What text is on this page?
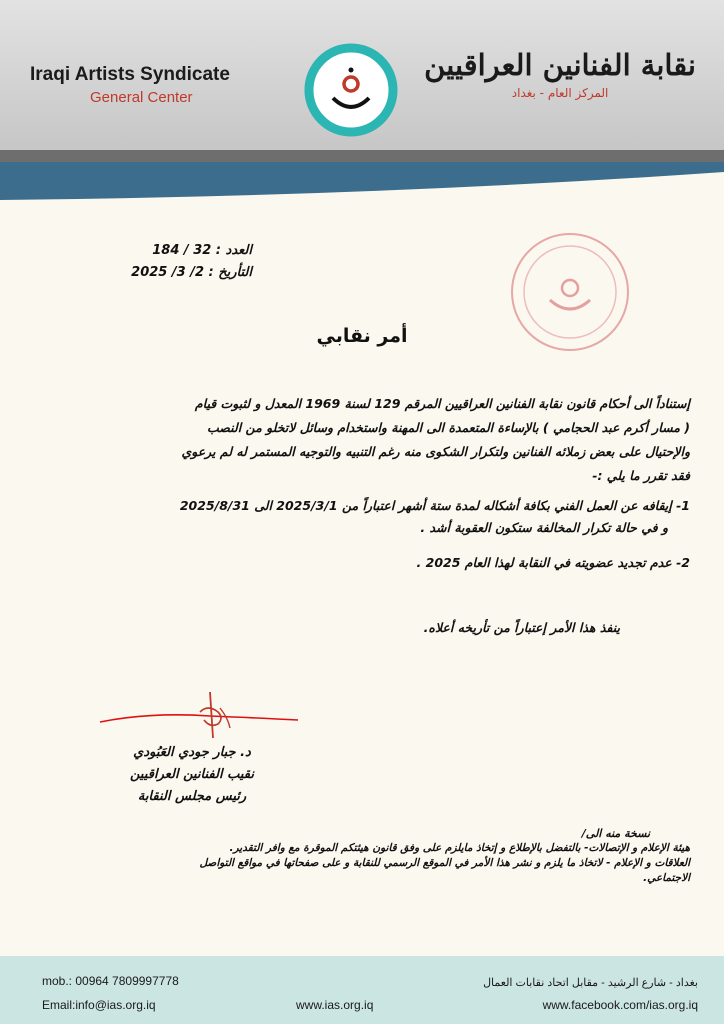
Iraqi Artists Syndicate
General Center
نقابة الفنانين العراقيين
المركز العام - بغداد
العدد : 32 / 184
التأريخ : 2/ 3/ 2025
أمر نقابي
إستناداً الى أحكام قانون نقابة الفنانين العراقيين المرقم 129 لسنة 1969 المعدل و لثبوت قيام
( مسار أكرم عبد الحجامي ) بالإساءة المتعمدة الى المهنة واستخدام وسائل لاتخلو من النصب
والإحتيال على بعض زملائه الفنانين ولتكرار الشكوى منه رغم التنبيه والتوجيه المستمر له لم يرعوي
فقد تقرر ما يلي :-
1- إيقافه عن العمل الفني بكافة أشكاله لمدة ستة أشهر اعتباراً من 2025/3/1 الى 2025/8/31
و في حالة تكرار المخالفة ستكون العقوبة أشد .
2- عدم تجديد عضويته في النقابة لهذا العام 2025 .
ينفذ هذا الأمر إعتباراً من تأريخه أعلاه.
د. جبار جودي العَبُودي
نقيب الفنانين العراقيين
رئيس مجلس النقابة
نسخة منه الى/
هيئة الإعلام و الإتصالات- بالتفضل بالإطلاع و إتخاذ مايلزم على وفق قانون هيئتكم الموقرة مع وافر التقدير.
العلاقات و الإعلام - لاتخاذ ما يلزم و نشر هذا الأمر في الموقع الرسمي للنقابة و على صفحاتها في مواقع التواصل
الاجتماعي.
mob.: 00964 7809997778
Email:info@ias.org.iq	www.ias.org.iq	www.facebook.com/ias.org.iq
بغداد - شارع الرشيد - مقابل اتحاد نقابات العمال
